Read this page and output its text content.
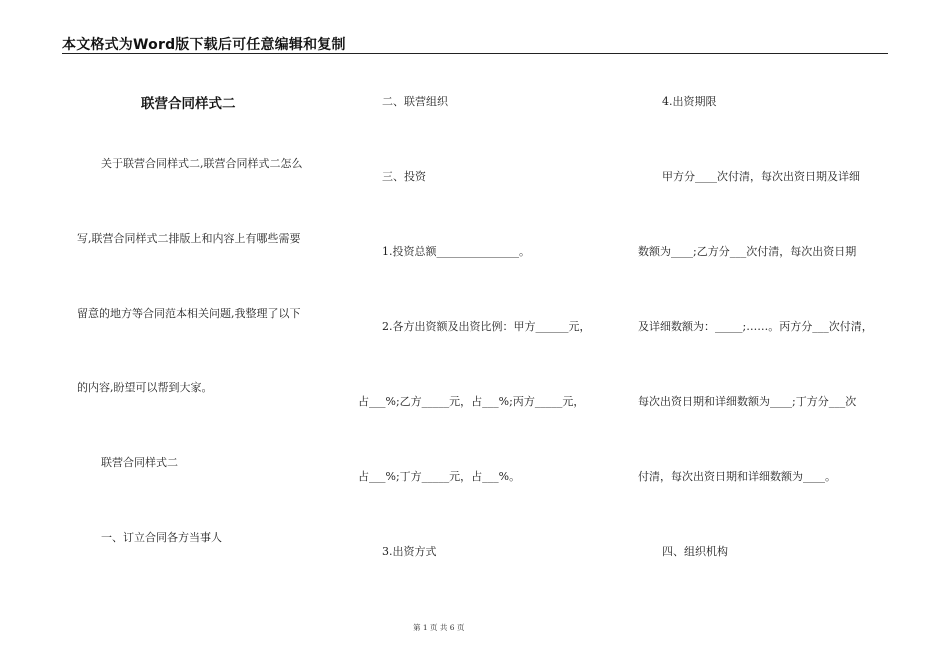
本文格式为Word版下载后可任意编辑和复制
联营合同样式二
关于联营合同样式二,联营合同样式二怎么
写,联营合同样式二排版上和内容上有哪些需要
留意的地方等合同范本相关问题,我整理了以下
的内容,盼望可以帮到大家。
联营合同样式二
一、订立合同各方当事人
二、联营组织
三、投资
1.投资总额_______________。
2.各方出资额及出资比例：甲方______元，
占___%;乙方_____元，占___%;丙方_____元，
占___%;丁方_____元，占___%。
3.出资方式
4.出资期限
甲方分____次付清，每次出资日期及详细
数额为____;乙方分___次付清，每次出资日期
及详细数额为：_____;……。丙方分___次付清，
每次出资日期和详细数额为____;丁方分___次
付清，每次出资日期和详细数额为____。
四、组织机构
第 1 页 共 6 页
